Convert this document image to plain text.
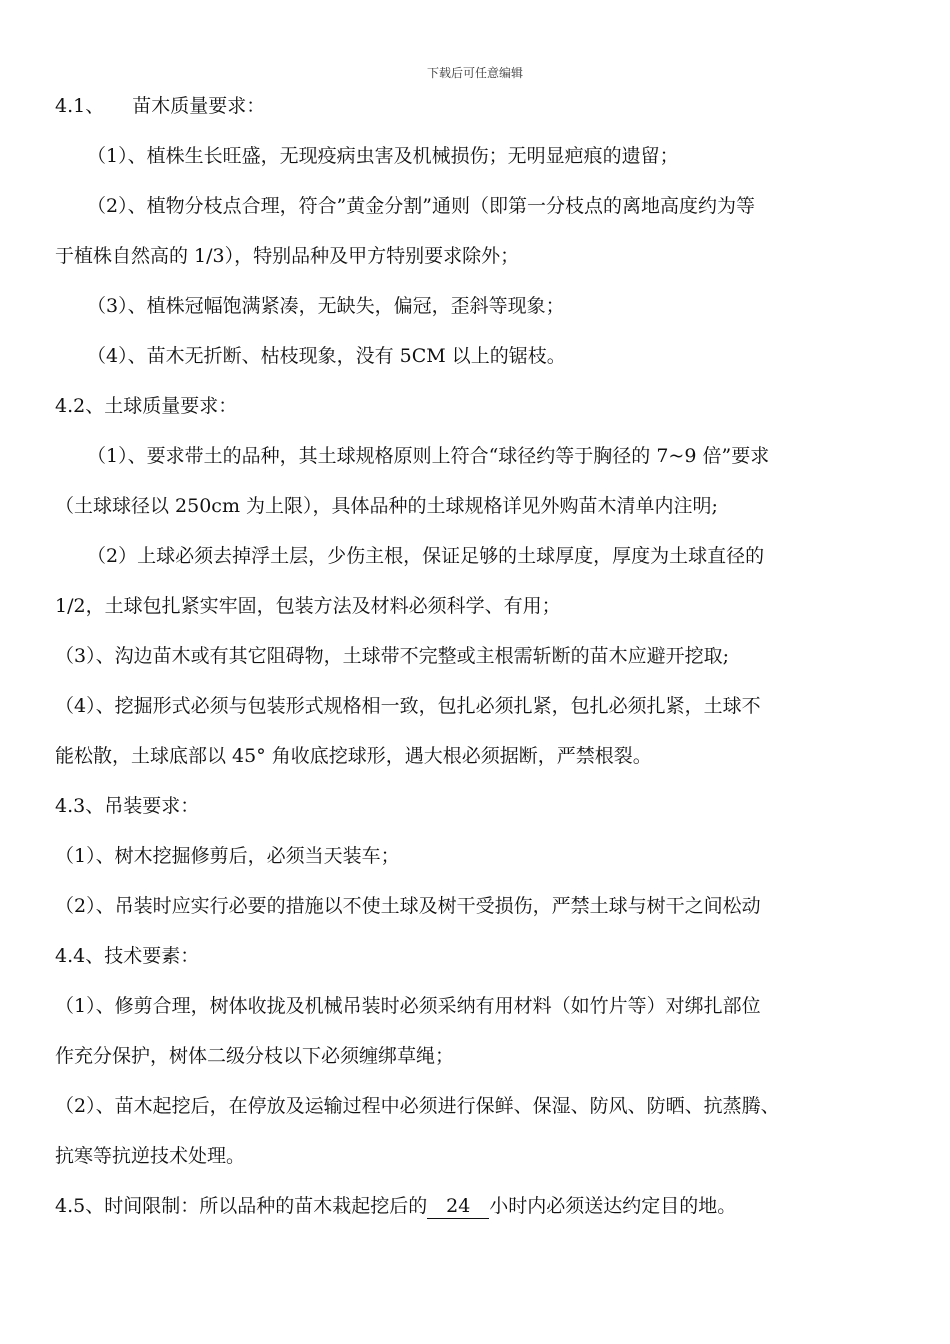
下载后可任意编辑
4.1、 苗木质量要求：
（1）、植株生长旺盛，无现疫病虫害及机械损伤；无明显疤痕的遗留；
（2）、植物分枝点合理，符合”黄金分割”通则（即第一分枝点的离地高度约为等
于植株自然高的 1/3），特别品种及甲方特别要求除外；
（3）、植株冠幅饱满紧凑，无缺失，偏冠，歪斜等现象；
（4）、苗木无折断、枯枝现象，没有 5CM 以上的锯枝。
4.2、土球质量要求：
（1）、要求带土的品种，其土球规格原则上符合“球径约等于胸径的 7~9 倍”要求
（土球球径以 250cm 为上限），具体品种的土球规格详见外购苗木清单内注明;
（2）上球必须去掉浮土层，少伤主根，保证足够的土球厚度，厚度为土球直径的
1/2，土球包扎紧实牢固，包装方法及材料必须科学、有用；
（3）、沟边苗木或有其它阻碍物，土球带不完整或主根需斩断的苗木应避开挖取;
（4）、挖掘形式必须与包装形式规格相一致，包扎必须扎紧，包扎必须扎紧，土球不
能松散，土球底部以 45° 角收底挖球形，遇大根必须据断，严禁根裂。
4.3、吊装要求：
（1）、树木挖掘修剪后，必须当天装车；
（2）、吊装时应实行必要的措施以不使土球及树干受损伤，严禁土球与树干之间松动
4.4、技术要素：
（1）、修剪合理，树体收拢及机械吊装时必须采纳有用材料（如竹片等）对绑扎部位
作充分保护，树体二级分枝以下必须缠绑草绳；
（2）、苗木起挖后，在停放及运输过程中必须进行保鲜、保湿、防风、防晒、抗蒸腾、
抗寒等抗逆技术处理。
4.5、时间限制：所以品种的苗木栽起挖后的 24 小时内必须送达约定目的地。
